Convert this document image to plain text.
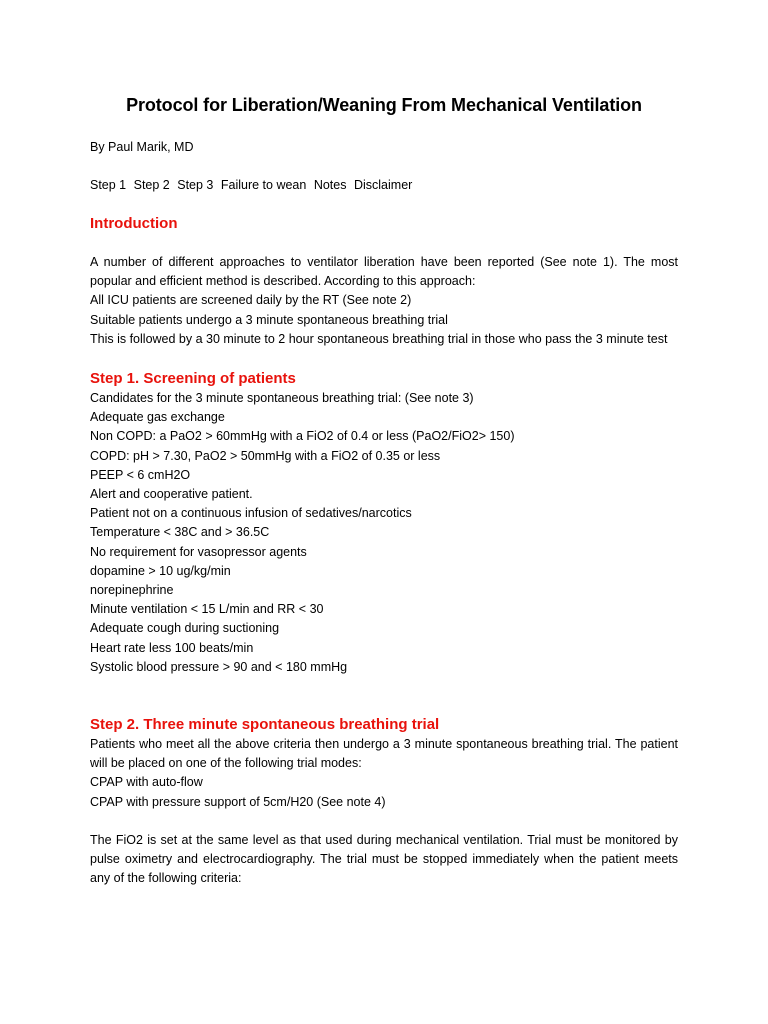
Protocol for Liberation/Weaning From Mechanical Ventilation

By Paul Marik, MD

Step 1 Step 2 Step 3 Failure to wean Notes Disclaimer

Introduction

A number of different approaches to ventilator liberation have been reported (See note 1). The most popular and efficient method is described. According to this approach:

All ICU patients are screened daily by the RT (See note 2)

Suitable patients undergo a 3 minute spontaneous breathing trial

This is followed by a 30 minute to 2 hour spontaneous breathing trial in those who pass the 3 minute test

Step 1. Screening of patients

Candidates for the 3 minute spontaneous breathing trial: (See note 3)

Adequate gas exchange

Non COPD: a PaO2 > 60mmHg with a FiO2 of 0.4 or less (PaO2/FiO2> 150)

COPD: pH > 7.30, PaO2 > 50mmHg with a FiO2 of 0.35 or less

PEEP < 6 cmH2O

Alert and cooperative patient.

Patient not on a continuous infusion of sedatives/narcotics

Temperature < 38C and > 36.5C

No requirement for vasopressor agents

dopamine > 10 ug/kg/min

norepinephrine

Minute ventilation < 15 L/min and RR < 30

Adequate cough during suctioning

Heart rate less 100 beats/min

Systolic blood pressure > 90 and < 180 mmHg

Step 2. Three minute spontaneous breathing trial

Patients who meet all the above criteria then undergo a 3 minute spontaneous breathing trial. The patient will be placed on one of the following trial modes:

CPAP with auto-flow

CPAP with pressure support of 5cm/H20 (See note 4)

The FiO2 is set at the same level as that used during mechanical ventilation. Trial must be monitored by pulse oximetry and electrocardiography. The trial must be stopped immediately when the patient meets any of the following criteria:
